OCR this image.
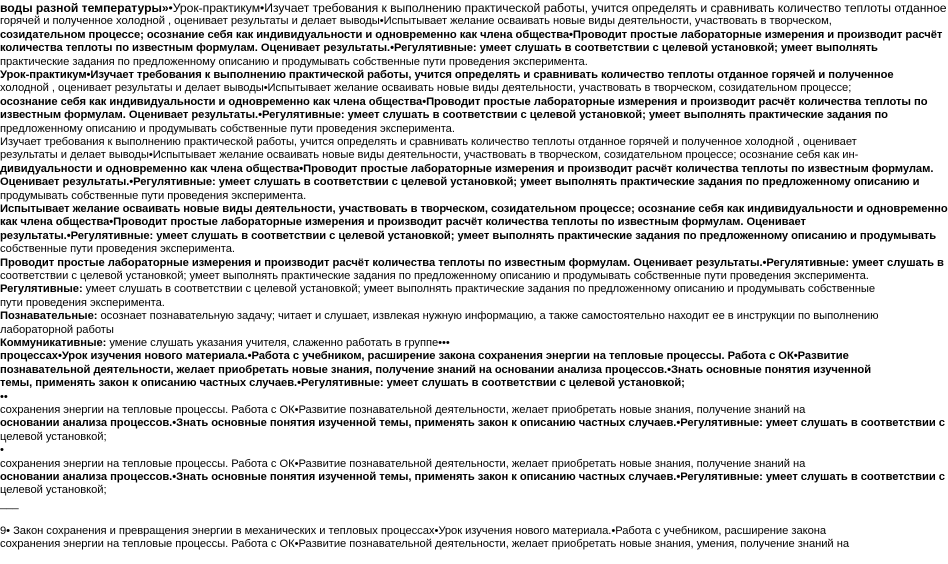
воды разной температуры»•Урок-практикум•Изучает требования к выполнению практической работы, учится определять и сравнивать количество теплоты отданное

горячей и полученное холодной , оценивает результаты и делает выводы•Испытывает желание осваивать новые виды деятельности, участвовать в творческом,

созидательном процессе; осознание себя как индивидуальности и одновременно как члена общества•Проводит простые лабораторные измерения и производит расчёт

количества теплоты по известным формулам. Оценивает результаты.•Регулятивные: умеет слушать в соответствии с целевой установкой; умеет выполнять

практические задания по предложенному описанию и продумывать собственные пути проведения эксперимента.

Урок-практикум•Изучает требования к выполнению практической работы, учится определять и сравнивать количество теплоты отданное горячей и полученное

холодной , оценивает результаты и делает выводы•Испытывает желание осваивать новые виды деятельности, участвовать в творческом, созидательном процессе;

осознание себя как индивидуальности и одновременно как члена общества•Проводит простые лабораторные измерения и производит расчёт количества теплоты по

известным формулам. Оценивает результаты.•Регулятивные: умеет слушать в соответствии с целевой установкой; умеет выполнять практические задания по

предложенному описанию и продумывать собственные пути проведения эксперимента.

Изучает требования к выполнению практической работы, учится определять и сравнивать количество теплоты отданное горячей и полученное холодной , оценивает

результаты и делает выводы•Испытывает желание осваивать новые виды деятельности, участвовать в творческом, созидательном процессе; осознание себя как ин-

дивидуальности и одновременно как члена общества•Проводит простые лабораторные измерения и производит расчёт количества теплоты по известным формулам.

Оценивает результаты.•Регулятивные: умеет слушать в соответствии с целевой установкой; умеет выполнять практические задания по предложенному описанию и

продумывать собственные пути проведения эксперимента.

Испытывает желание осваивать новые виды деятельности, участвовать в творческом, созидательном процессе; осознание себя как индивидуальности и одновременно

как члена общества•Проводит простые лабораторные измерения и производит расчёт количества теплоты по известным формулам. Оценивает

результаты.•Регулятивные: умеет слушать в соответствии с целевой установкой; умеет выполнять практические задания по предложенному описанию и продумывать

собственные пути проведения эксперимента.

Проводит простые лабораторные измерения и производит расчёт количества теплоты по известным формулам. Оценивает результаты.•Регулятивные: умеет слушать в

соответствии с целевой установкой; умеет выполнять практические задания по предложенному описанию и продумывать собственные пути проведения эксперимента.

Регулятивные: умеет слушать в соответствии с целевой установкой; умеет выполнять практические задания по предложенному описанию и продумывать собственные

пути проведения эксперимента.

Познавательные: осознает познавательную задачу; читает и слушает, извлекая нужную информацию, а также самостоятельно находит ее в инструкции по выполнению

лабораторной работы

Коммуникативные: умение слушать указания учителя, слаженно работать в группе•••

процессах•Урок изучения нового материала.•Работа с учебником, расширение закона сохранения энергии на тепловые процессы. Работа с ОК•Развитие

познавательной деятельности, желает приобретать новые знания, получение знаний на основании анализа процессов.•Знать основные понятия изученной

темы, применять закон к описанию частных случаев.•Регулятивные: умеет слушать в соответствии с целевой установкой;

••

сохранения энергии на тепловые процессы. Работа с ОК•Развитие познавательной деятельности, желает приобретать новые знания, получение знаний на

основании анализа процессов.•Знать основные понятия изученной темы, применять закон к описанию частных случаев.•Регулятивные: умеет слушать в соответствии с

целевой установкой;

•

сохранения энергии на тепловые процессы. Работа с ОК•Развитие познавательной деятельности, желает приобретать новые знания, получение знаний на

основании анализа процессов.•Знать основные понятия изученной темы, применять закон к описанию частных случаев.•Регулятивные: умеет слушать в соответствии с

целевой установкой;

___

9• Закон сохранения и превращения энергии в механических и тепловых процессах•Урок изучения нового материала.•Работа с учебником, расширение закона

сохранения энергии на тепловые процессы. Работа с ОК•Развитие познавательной деятельности, желает приобретать новые знания, умения, получение знаний на
